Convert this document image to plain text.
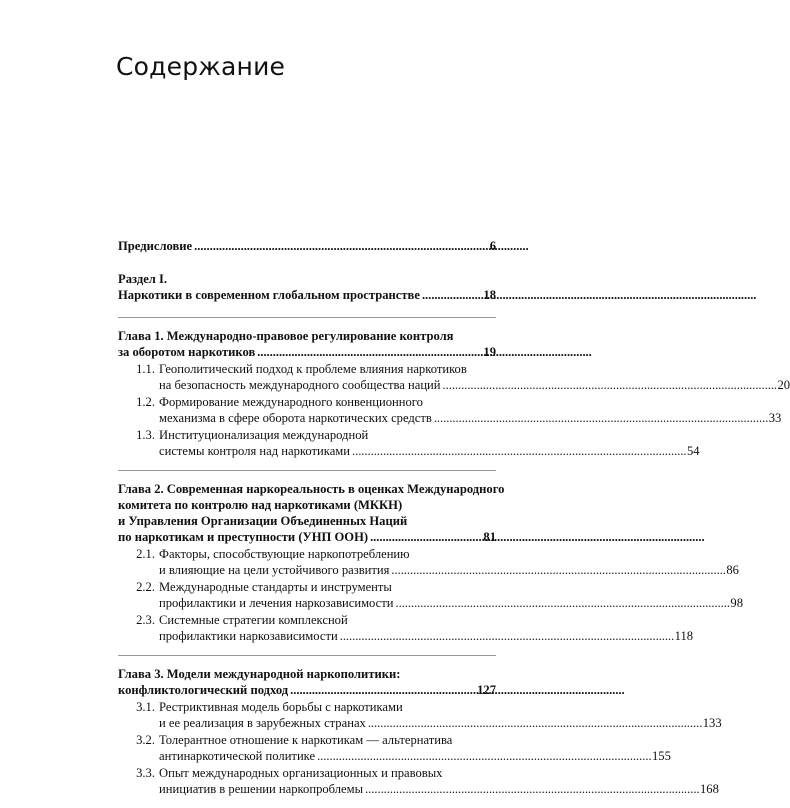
Содержание
Предисловие . . .	6
Раздел I.
Наркотики в современном глобальном пространстве . . .	18
Глава 1. Международно-правовое регулирование контроля
за оборотом наркотиков . . .	19
1.1. Геополитический подход к проблеме влияния наркотиков
на безопасность международного сообщества наций . . .	20
1.2. Формирование международного конвенционного
механизма в сфере оборота наркотических средств . . .	33
1.3. Институционализация международной
системы контроля над наркотиками . . .	54
Глава 2. Современная наркореальность в оценках Международного
комитета по контролю над наркотиками (МККН)
и Управления Организации Объединенных Наций
по наркотикам и преступности (УНП ООН) . . .	81
2.1. Факторы, способствующие наркопотреблению
и влияющие на цели устойчивого развития . . .	86
2.2. Международные стандарты и инструменты
профилактики и лечения наркозависимости . . .	98
2.3. Системные стратегии комплексной
профилактики наркозависимости . . .	118
Глава 3. Модели международной наркополитики:
конфликтологический подход . . .	127
3.1. Рестриктивная модель борьбы с наркотиками
и ее реализация в зарубежных странах . . .	133
3.2. Толерантное отношение к наркотикам — альтернатива
антинаркотической политике . . .	155
3.3. Опыт международных организационных и правовых
инициатив в решении наркопроблемы . . .	168
